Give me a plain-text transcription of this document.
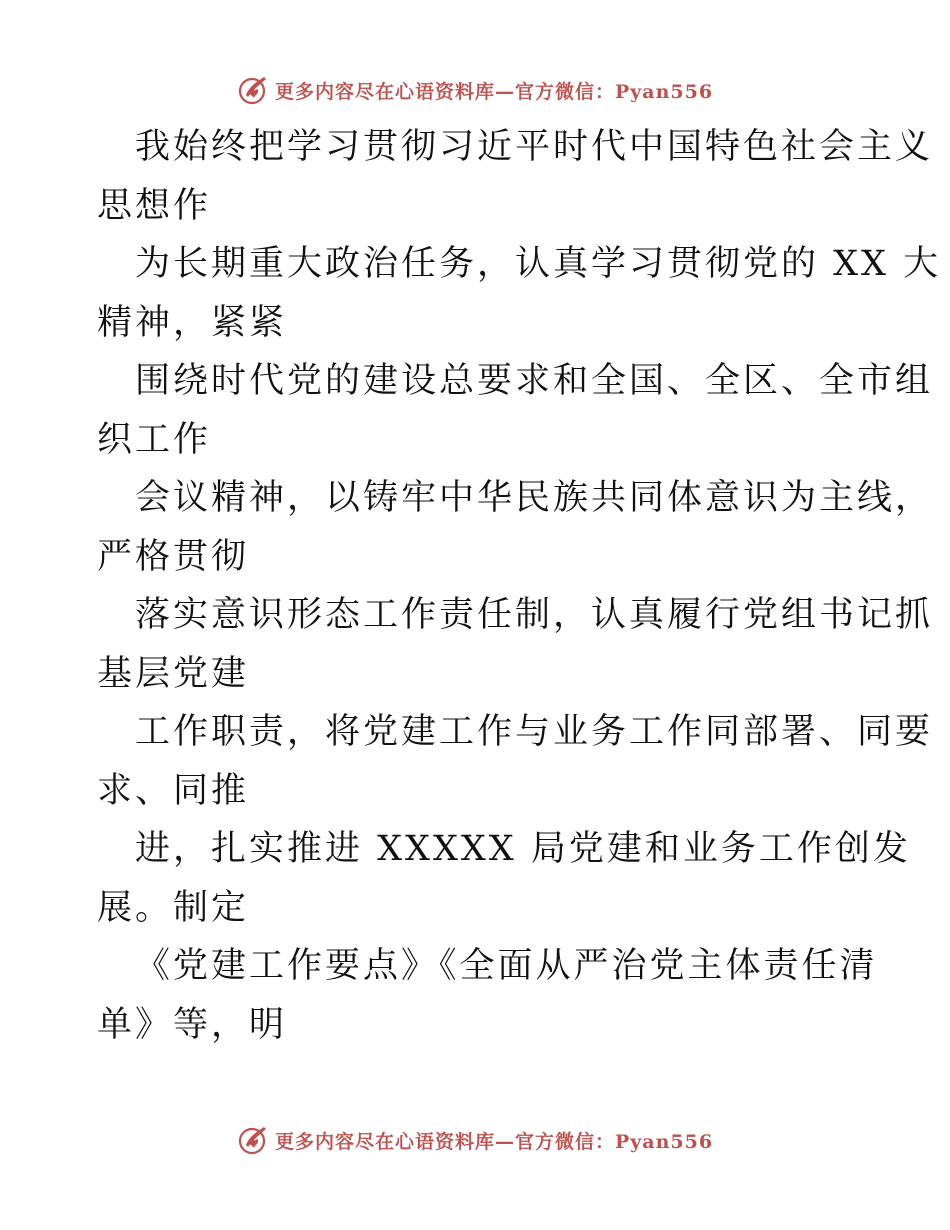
更多内容尽在心语资料库—官方微信：Pyan556
我始终把学习贯彻习近平时代中国特色社会主义
思想作
为长期重大政治任务，认真学习贯彻党的 XX 大
精神，紧紧
围绕时代党的建设总要求和全国、全区、全市组
织工作
会议精神，以铸牢中华民族共同体意识为主线，
严格贯彻
落实意识形态工作责任制，认真履行党组书记抓
基层党建
工作职责，将党建工作与业务工作同部署、同要
求、同推
进，扎实推进 XXXXX 局党建和业务工作创发
展。制定
《党建工作要点》《全面从严治党主体责任清
单》等，明
更多内容尽在心语资料库—官方微信：Pyan556
